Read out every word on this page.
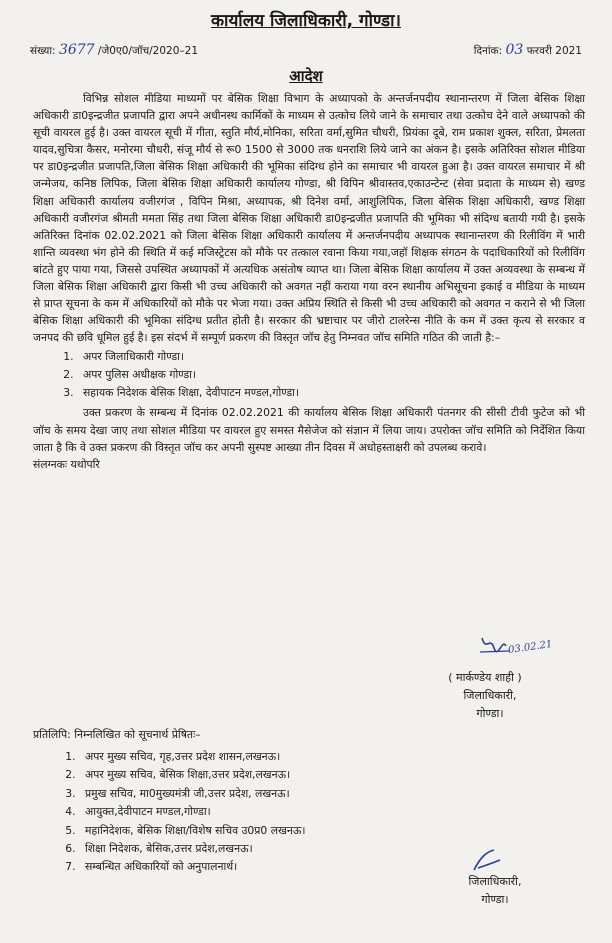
कार्यालय जिलाधिकारी, गोण्डा।
संख्या: 3677 /जे0ए0/जॉच/2020–21	दिनांक: 03 फरवरी 2021
आदेश

विभिन्न सोशल मीडिया माध्यमों पर बेसिक शिक्षा विभाग के अध्यापको के अन्तर्जनपदीय स्थानान्तरण में जिला बेसिक शिक्षा अधिकारी डा0इन्द्रजीत प्रजापति द्वारा अपने अधीनस्थ कार्मिकों के माध्यम से उत्कोच लिये जाने के समाचार तथा उत्कोच देने वाले अध्यापको की सूची वायरल हुई है। उक्त वायरल सूची में गीता, स्तुति मौर्य,मोनिका, सरिता वर्मा,सुमित चौधरी, प्रियंका दूबे, राम प्रकाश शुक्ल, सरिता, प्रेमलता यादव,सुचित्रा कैसर, मनोरमा चौधरी, संजू मौर्य से रू0 1500 से 3000 तक धनराशि लिये जाने का अंकन है। इसके अतिरिक्त सोशल मीडिया पर डा0इन्द्रजीत प्रजापति,जिला बेसिक शिक्षा अधिकारी की भूमिका संदिग्ध होने का समाचार भी वायरल हुआ है। उक्त वायरल समाचार में श्री जन्मेजय, कनिष्ठ लिपिक, जिला बेसिक शिक्षा अधिकारी कार्यालय गोण्डा, श्री विपिन श्रीवास्तव,एकाउन्टेन्ट (सेवा प्रदाता के माध्यम से) खण्ड शिक्षा अधिकारी कार्यालय वजीरगंज , विपिन मिश्रा, अध्यापक, श्री दिनेश वर्मा, आशुलिपिक, जिला बेसिक शिक्षा अधिकारी, खण्ड शिक्षा अधिकारी वजीरगंज श्रीमती ममता सिंह तथा जिला बेसिक शिक्षा अधिकारी डा0इन्द्रजीत प्रजापति की भूमिका भी संदिग्ध बतायी गयी है। इसके अतिरिक्त दिनांक 02.02.2021 को जिला बेसिक शिक्षा अधिकारी कार्यालय में अन्तर्जनपदीय अध्यापक स्थानान्तरण की रिलीविंग में भारी शान्ति व्यवस्था भंग होने की स्थिति में कई मजिस्ट्रेटस को मौके पर तत्काल रवाना किया गया,जहॉ शिक्षक संगठन के पदाधिकारियों को रिलीविंग बांटते हुए पाया गया, जिससे उपस्थित अध्यापकों में अत्यधिक असंतोष व्याप्त था। जिला बेसिक शिक्षा कार्यालय में उक्त अव्यवस्था के सम्बन्ध में जिला बेसिक शिक्षा अधिकारी द्वारा किसी भी उच्च अधिकारी को अवगत नहीं कराया गया वरन स्थानीय अभिसूचना इकाई व मीडिया के माध्यम से प्राप्त सूचना के कम में अधिकारियों को मौके पर भेजा गया। उक्त अप्रिय स्थिति से किसी भी उच्च अधिकारी को अवगत न कराने से भी जिला बेसिक शिक्षा अधिकारी की भूमिका संदिग्ध प्रतीत होती है। सरकार की भ्रष्टाचार पर जीरो टालरेन्स नीति के कम में उक्त कृत्य से सरकार व जनपद की छवि धूमिल हुई है। इस संदर्भ में सम्पूर्ण प्रकरण की विस्तृत जॉच हेतु निम्नवत जॉच समिति गठित की जाती है:–

1. अपर जिलाधिकारी गोण्डा।
2. अपर पुलिस अधीक्षक गोण्डा।
3. सहायक निदेशक बेसिक शिक्षा, देवीपाटन मण्डल,गोण्डा।

उक्त प्रकरण के सम्बन्ध में दिनांक 02.02.2021 की कार्यालय बेसिक शिक्षा अधिकारी पंतनगर की सीसी टीवी फुटेज को भी जॉच के समय देखा जाए तथा सोशल मीडिया पर वायरल हुए समस्त मैसेजेज को संज्ञान में लिया जाय। उपरोक्त जॉच समिति को निर्देशित किया जाता है कि वे उक्त प्रकरण की विस्तृत जॉच कर अपनी सुस्पष्ट आख्या तीन दिवस में अधोहस्ताक्षरी को उपलब्ध करावे।

संलग्नकः यथोपरि
03.02.21
( मार्कण्डेय शाही )
जिलाधिकारी,
गोण्डा।
प्रतिलिपि: निम्नलिखित को सूचनार्थ प्रेषितः–
1. अपर मुख्य सचिव, गृह,उत्तर प्रदेश शासन,लखनऊ।
2. अपर मुख्य सचिव, बेसिक शिक्षा,उत्तर प्रदेश,लखनऊ।
3. प्रमुख सचिव, मा0मुख्यमंत्री जी,उत्तर प्रदेश, लखनऊ।
4. आयुक्त,देवीपाटन मण्डल,गोण्डा।
5. महानिदेशक, बेसिक शिक्षा/विशेष सचिव उ0प्र0 लखनऊ।
6. शिक्षा निदेशक, बेसिक,उत्तर प्रदेश,लखनऊ।
7. सम्बन्धित अधिकारियों को अनुपालनार्थ।
जिलाधिकारी,
गोण्डा।
